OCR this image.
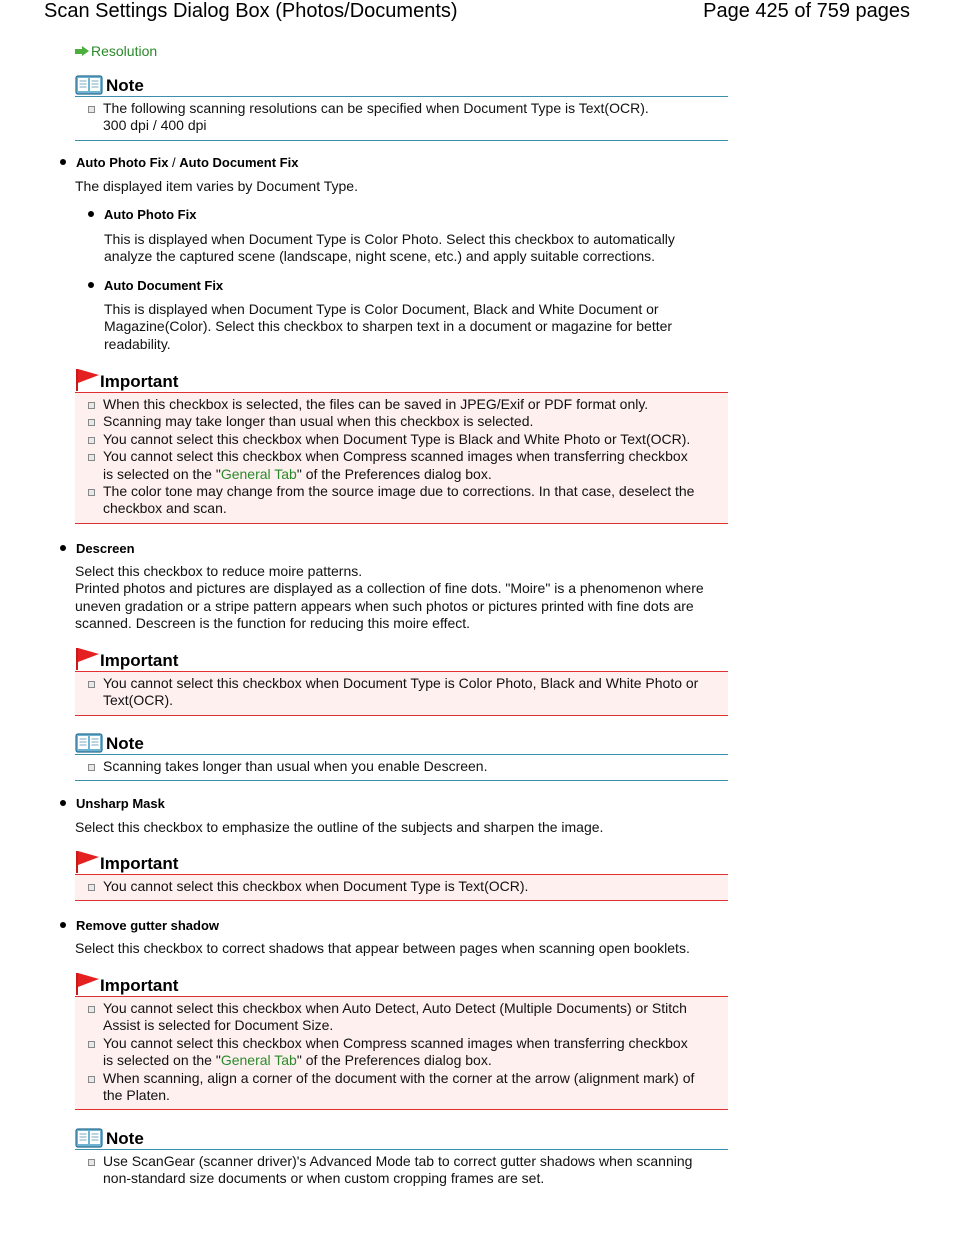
Scan Settings Dialog Box (Photos/Documents)	Page 425 of 759 pages
Resolution
Note
The following scanning resolutions can be specified when Document Type is Text(OCR).
300 dpi / 400 dpi
Auto Photo Fix / Auto Document Fix
The displayed item varies by Document Type.
Auto Photo Fix
This is displayed when Document Type is Color Photo. Select this checkbox to automatically
analyze the captured scene (landscape, night scene, etc.) and apply suitable corrections.
Auto Document Fix
This is displayed when Document Type is Color Document, Black and White Document or
Magazine(Color). Select this checkbox to sharpen text in a document or magazine for better
readability.
Important
When this checkbox is selected, the files can be saved in JPEG/Exif or PDF format only.
Scanning may take longer than usual when this checkbox is selected.
You cannot select this checkbox when Document Type is Black and White Photo or Text(OCR).
You cannot select this checkbox when Compress scanned images when transferring checkbox
is selected on the "General Tab" of the Preferences dialog box.
The color tone may change from the source image due to corrections. In that case, deselect the
checkbox and scan.
Descreen
Select this checkbox to reduce moire patterns.
Printed photos and pictures are displayed as a collection of fine dots. "Moire" is a phenomenon where
uneven gradation or a stripe pattern appears when such photos or pictures printed with fine dots are
scanned. Descreen is the function for reducing this moire effect.
Important
You cannot select this checkbox when Document Type is Color Photo, Black and White Photo or
Text(OCR).
Note
Scanning takes longer than usual when you enable Descreen.
Unsharp Mask
Select this checkbox to emphasize the outline of the subjects and sharpen the image.
Important
You cannot select this checkbox when Document Type is Text(OCR).
Remove gutter shadow
Select this checkbox to correct shadows that appear between pages when scanning open booklets.
Important
You cannot select this checkbox when Auto Detect, Auto Detect (Multiple Documents) or Stitch
Assist is selected for Document Size.
You cannot select this checkbox when Compress scanned images when transferring checkbox
is selected on the "General Tab" of the Preferences dialog box.
When scanning, align a corner of the document with the corner at the arrow (alignment mark) of
the Platen.
Note
Use ScanGear (scanner driver)'s Advanced Mode tab to correct gutter shadows when scanning
non-standard size documents or when custom cropping frames are set.
